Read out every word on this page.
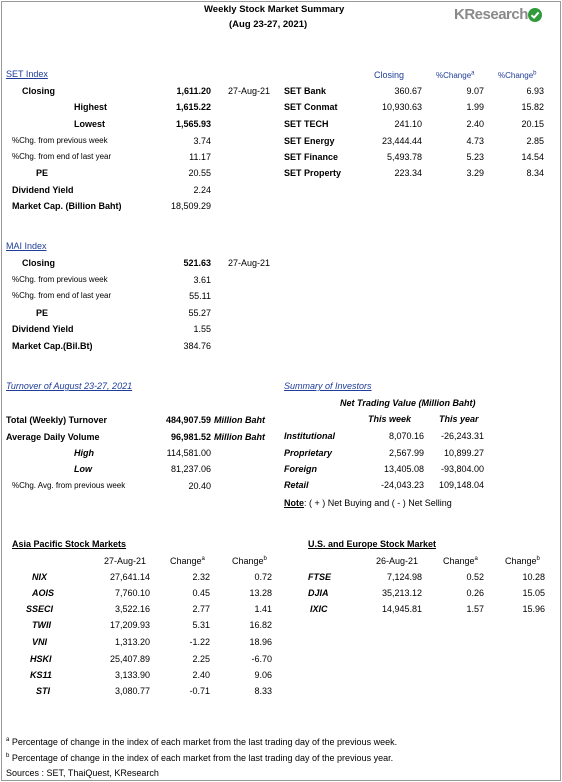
Weekly Stock Market Summary
(Aug 23-27, 2021)
KResearch
SET Index
Closing	1,611.20 27-Aug-21
Highest	1,615.22
Lowest	1,565.93
%Chg. from previous week	3.74
%Chg. from end of last year	11.17
PE	20.55
Dividend Yield	2.24
Market Cap. (Billion Baht)	18,509.29
Closing	%Change$^a$	%Change$^b$
SET Bank	360.67	9.07	6.93
SET Conmat	10,930.63	1.99	15.82
SET TECH	241.10	2.40	20.15
SET Energy	23,444.44	4.73	2.85
SET Finance	5,493.78	5.23	14.54
SET Property	223.34	3.29	8.34
MAI Index
Closing	521.63 27-Aug-21
%Chg. from previous week	3.61
%Chg. from end of last year	55.11
PE	55.27
Dividend Yield	1.55
Market Cap.(Bil.Bt)	384.76
Turnover of August 23-27, 2021
Total (Weekly) Turnover	484,907.59 Million Baht
Average Daily Volume	96,981.52 Million Baht
High	114,581.00
Low	81,237.06
%Chg. Avg. from previous week	20.40
Summary of Investors
Net Trading Value (Million Baht)
This week	This year
Institutional	8,070.16	-26,243.31
Proprietary	2,567.99	10,899.27
Foreign	13,405.08	-93,804.00
Retail	-24,043.23	109,148.04
Note: ( + ) Net Buying and ( - ) Net Selling
Asia Pacific Stock Markets
27-Aug-21	Change$^a$	Change$^b$
NIX	27,641.14	2.32	0.72
AOIS	7,760.10	0.45	13.28
SSECI	3,522.16	2.77	1.41
TWII	17,209.93	5.31	16.82
VNI	1,313.20	-1.22	18.96
HSKI	25,407.89	2.25	-6.70
KS11	3,133.90	2.40	9.06
STI	3,080.77	-0.71	8.33
U.S. and Europe Stock Market
26-Aug-21	Change$^a$	Change$^b$
FTSE	7,124.98	0.52	10.28
DJIA	35,213.12	0.26	15.05
IXIC	14,945.81	1.57	15.96
$^a$ Percentage of change in the index of each market from the last trading day of the previous week.
$^b$ Percentage of change in the index of each market from the last trading day of the previous year.
Sources : SET, ThaiQuest, KResearch
